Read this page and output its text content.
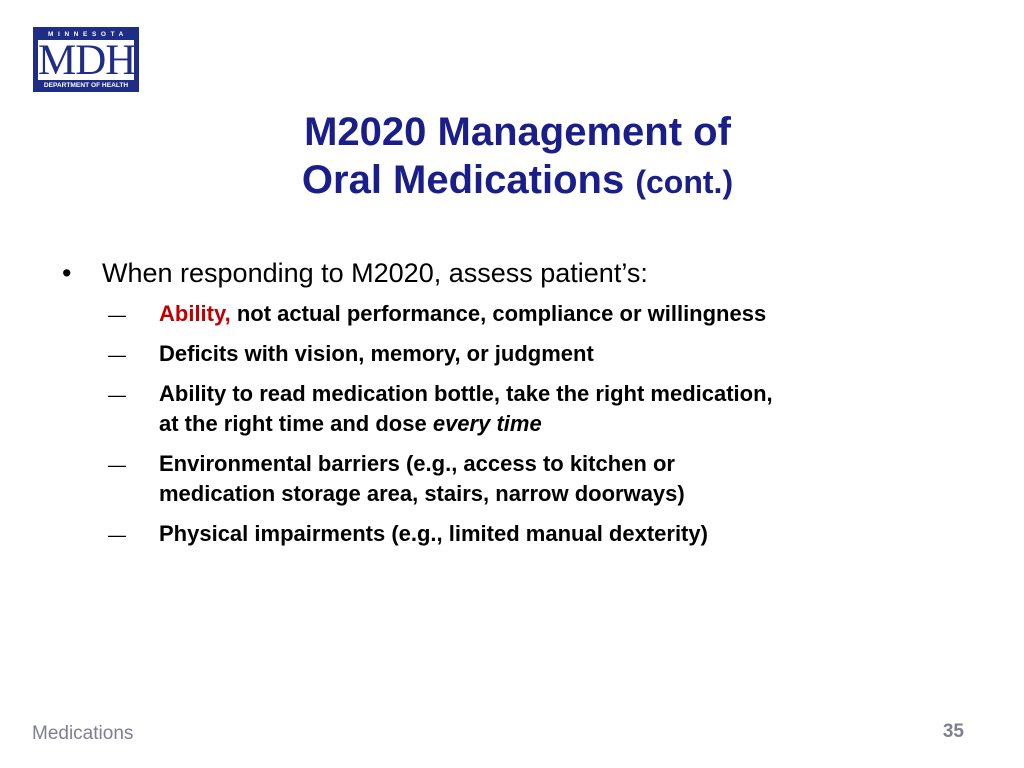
MINNESOTA
MDH
DEPARTMENT OF HEALTH
M2020 Management of
Oral Medications (cont.)
• When responding to M2020, assess patient’s:
— Ability, not actual performance, compliance or willingness
— Deficits with vision, memory, or judgment
— Ability to read medication bottle, take the right medication,
at the right time and dose every time
— Environmental barriers (e.g., access to kitchen or
medication storage area, stairs, narrow doorways)
— Physical impairments (e.g., limited manual dexterity)
Medications	35
